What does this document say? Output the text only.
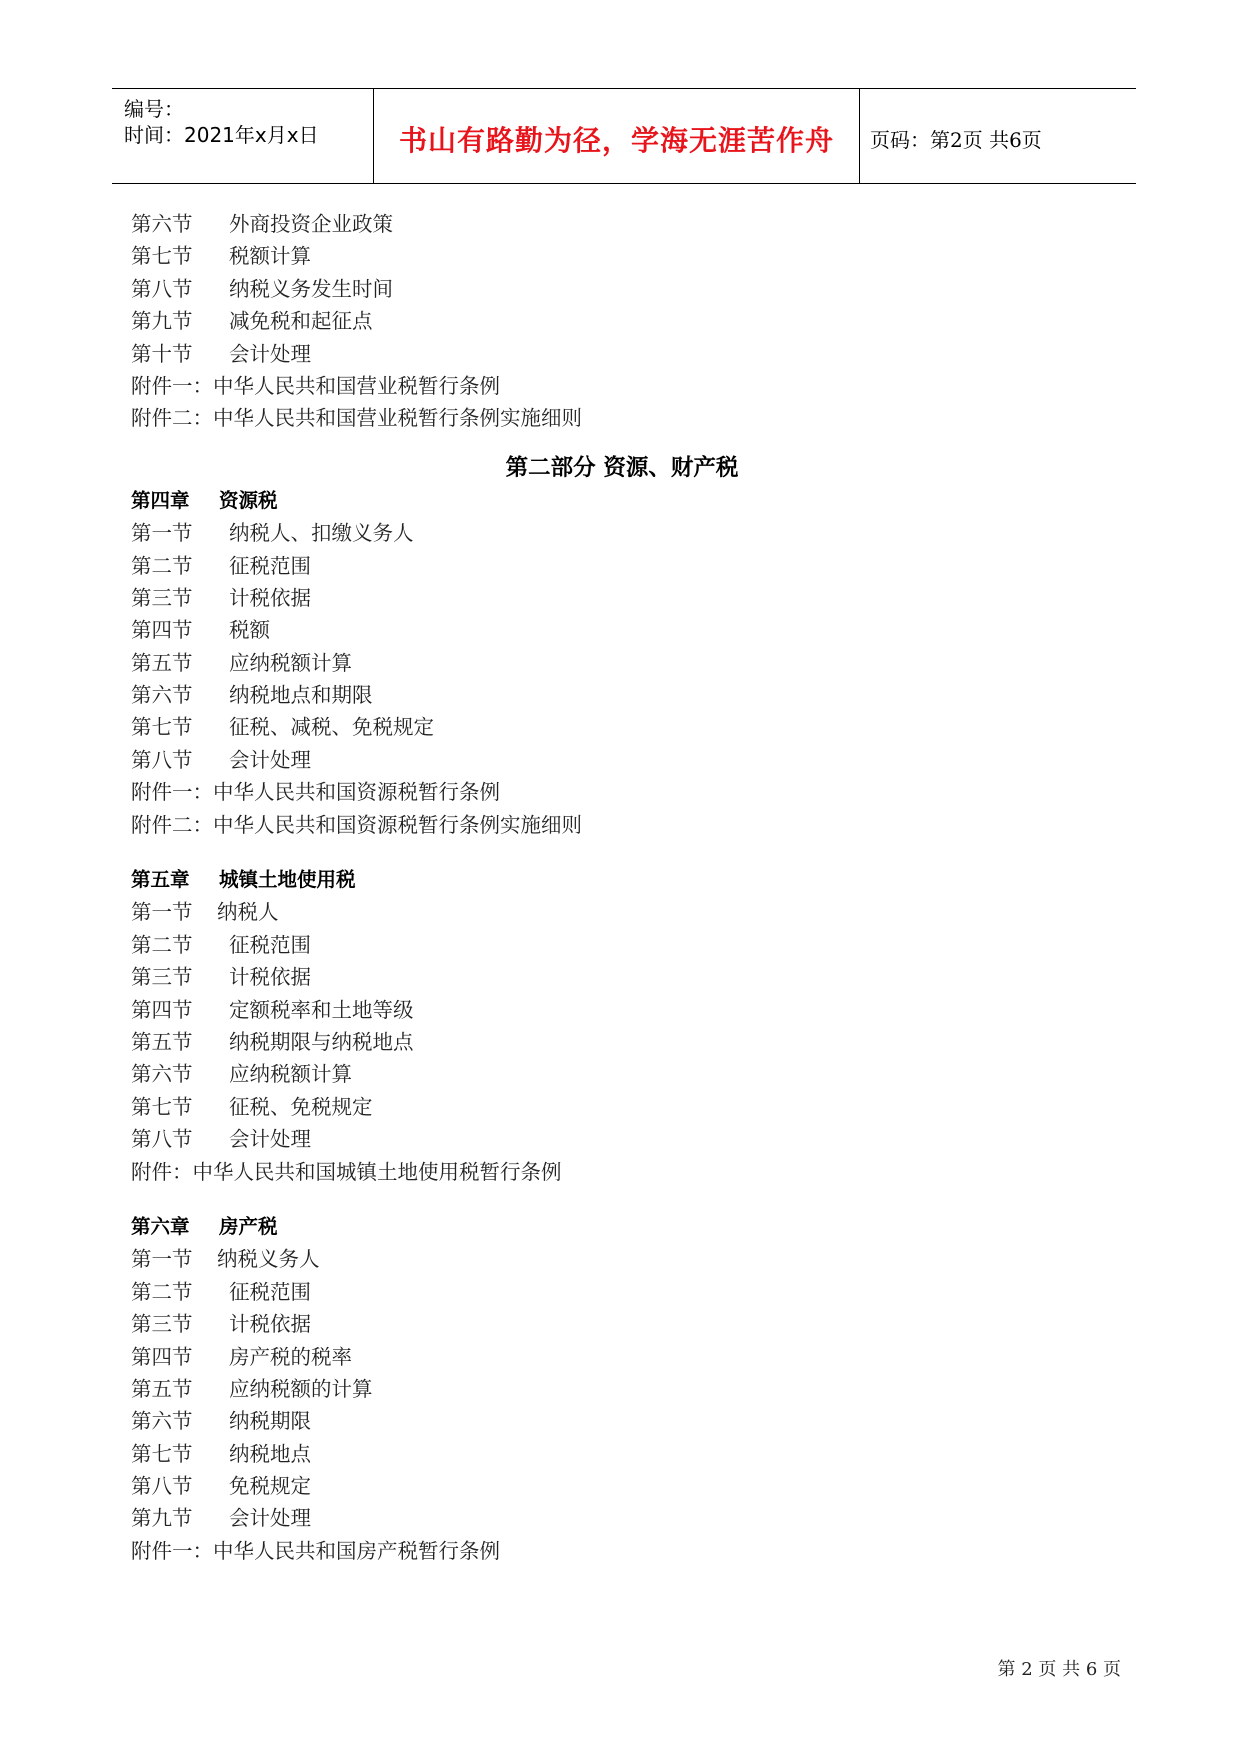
编号：
时间：2021年x月x日	书山有路勤为径，学海无涯苦作舟	页码：第2页 共6页
第六节 外商投资企业政策
第七节 税额计算
第八节 纳税义务发生时间
第九节 减免税和起征点
第十节 会计处理
附件一：中华人民共和国营业税暂行条例
附件二：中华人民共和国营业税暂行条例实施细则
第二部分 资源、财产税
第四章 资源税
第一节 纳税人、扣缴义务人
第二节 征税范围
第三节 计税依据
第四节 税额
第五节 应纳税额计算
第六节 纳税地点和期限
第七节 征税、减税、免税规定
第八节 会计处理
附件一：中华人民共和国资源税暂行条例
附件二：中华人民共和国资源税暂行条例实施细则
第五章 城镇土地使用税
第一节 纳税人
第二节 征税范围
第三节 计税依据
第四节 定额税率和土地等级
第五节 纳税期限与纳税地点
第六节 应纳税额计算
第七节 征税、免税规定
第八节 会计处理
附件：中华人民共和国城镇土地使用税暂行条例
第六章 房产税
第一节 纳税义务人
第二节 征税范围
第三节 计税依据
第四节 房产税的税率
第五节 应纳税额的计算
第六节 纳税期限
第七节 纳税地点
第八节 免税规定
第九节 会计处理
附件一：中华人民共和国房产税暂行条例
第 2 页 共 6 页
